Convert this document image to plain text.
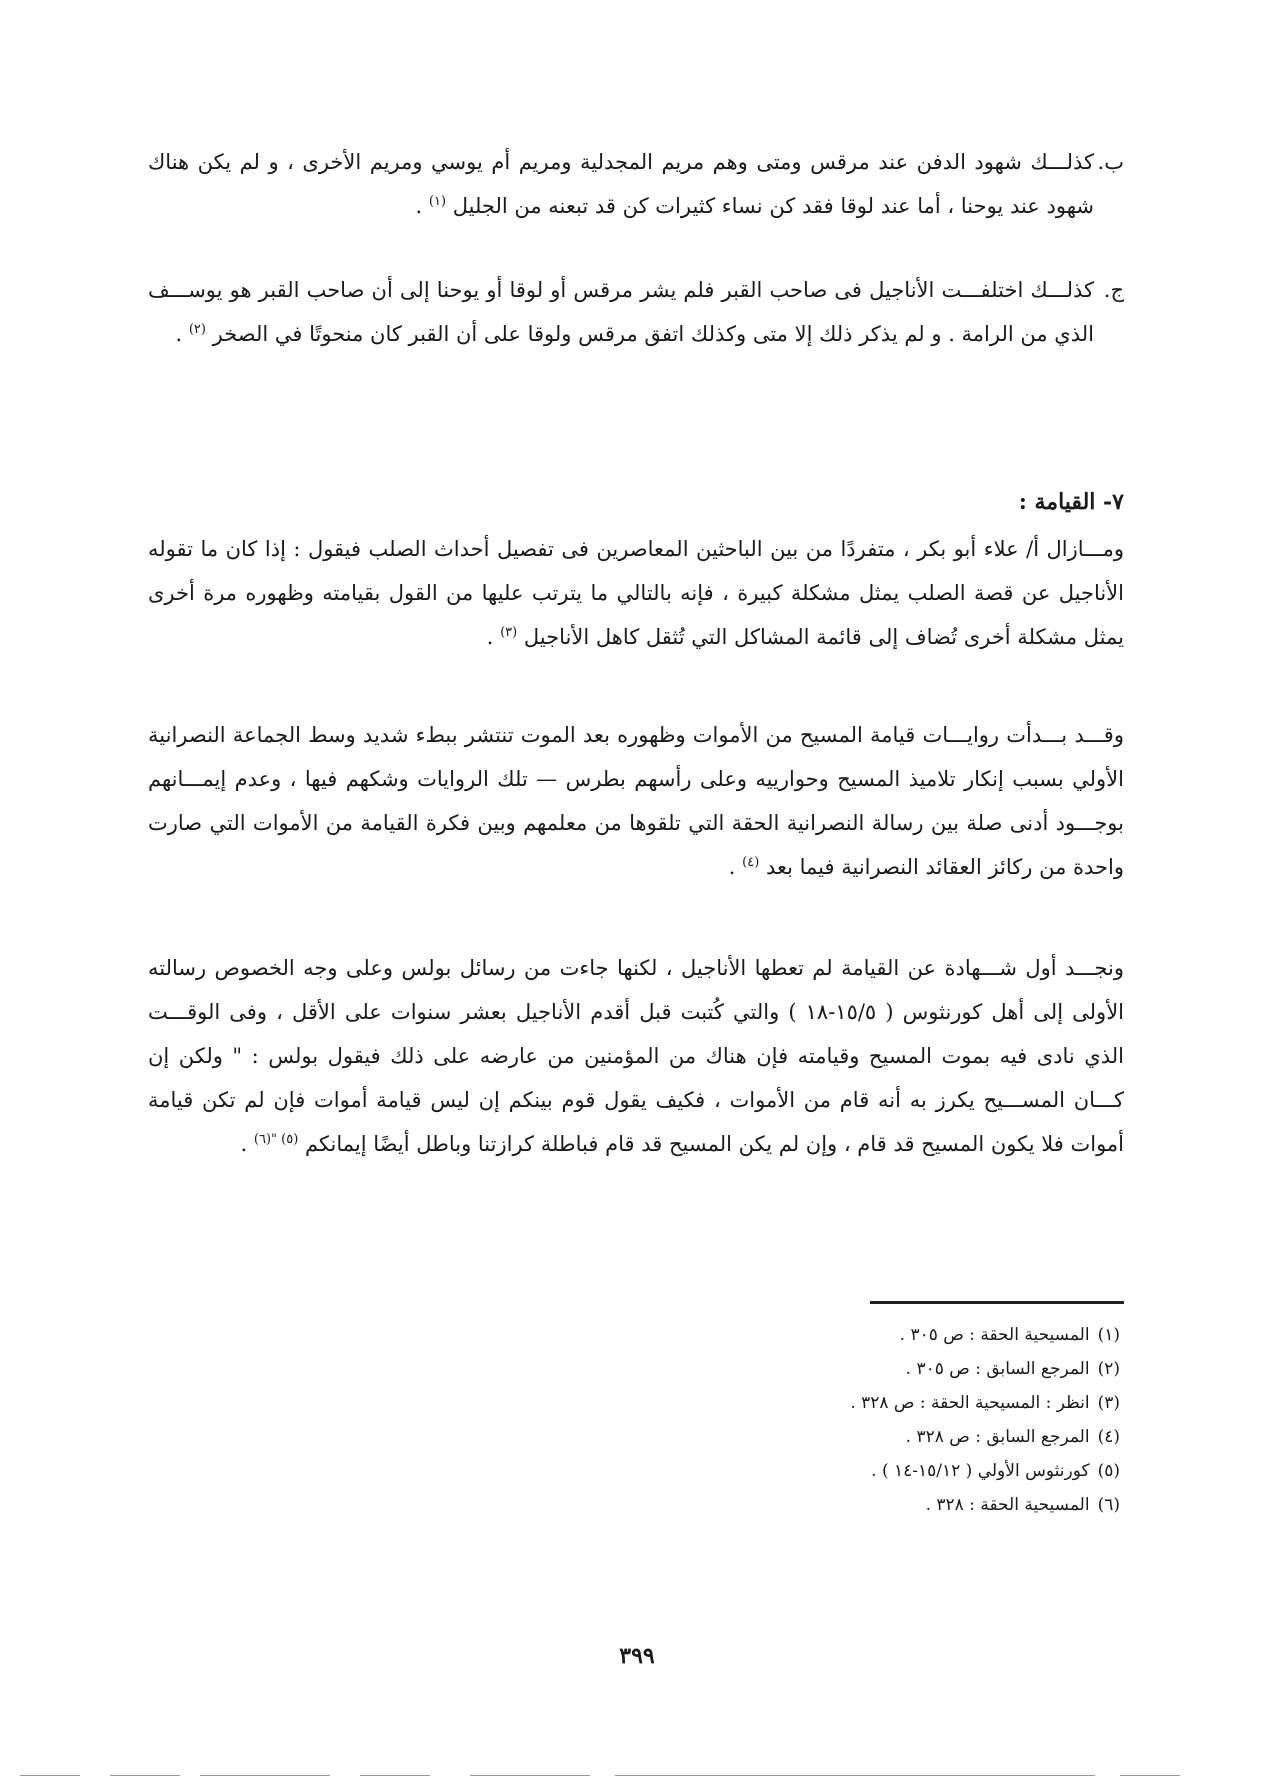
ب.
كذلـــك شهود الدفن عند مرقس ومتى وهم مريم المجدلية ومريم أم يوسي ومريم الأخرى ، و لم يكن هناك شهود عند يوحنا ، أما عند لوقا فقد كن نساء كثيرات كن قد تبعنه من الجليل $^{(١)}$ .
ج.
كذلـــك اختلفـــت الأناجيل فى صاحب القبر فلم يشر مرقس أو لوقا أو يوحنا إلى أن صاحب القبر هو يوســـف الذي من الرامة . و لم يذكر ذلك إلا متى وكذلك اتفق مرقس ولوقا على أن القبر كان منحوتًا في الصخر $^{(٢)}$ .
٧- القيامة :

ومـــازال أ/ علاء أبو بكر ، متفردًا من بين الباحثين المعاصرين فى تفصيل أحداث الصلب فيقول : إذا كان ما تقوله الأناجيل عن قصة الصلب يمثل مشكلة كبيرة ، فإنه بالتالي ما يترتب عليها من القول بقيامته وظهوره مرة أخرى يمثل مشكلة أخرى تُضاف إلى قائمة المشاكل التي تُثقل كاهل الأناجيل $^{(٣)}$ .

وقـــد بـــدأت روايـــات قيامة المسيح من الأموات وظهوره بعد الموت تنتشر ببطء شديد وسط الجماعة النصرانية الأولي بسبب إنكار تلاميذ المسيح وحوارييه وعلى رأسهم بطرس — تلك الروايات وشكهم فيها ، وعدم إيمـــانهم بوجـــود أدنى صلة بين رسالة النصرانية الحقة التي تلقوها من معلمهم وبين فكرة القيامة من الأموات التي صارت واحدة من ركائز العقائد النصرانية فيما بعد $^{(٤)}$ .

ونجـــد أول شـــهادة عن القيامة لم تعطها الأناجيل ، لكنها جاءت من رسائل بولس وعلى وجه الخصوص رسالته الأولى إلى أهل كورنثوس ( ١٥/٥-١٨ ) والتي كُتبت قبل أقدم الأناجيل بعشر سنوات على الأقل ، وفى الوقـــت الذي نادى فيه بموت المسيح وقيامته فإن هناك من المؤمنين من عارضه على ذلك فيقول بولس : " ولكن إن كـــان المســـيح يكرز به أنه قام من الأموات ، فكيف يقول قوم بينكم إن ليس قيامة أموات فإن لم تكن قيامة أموات فلا يكون المسيح قد قام ، وإن لم يكن المسيح قد قام فباطلة كرازتنا وباطل أيضًا إيمانكم $^{(٥) "(٦)}$ .

(١)المسيحية الحقة : ص ٣٠٥ .
(٢)المرجع السابق : ص ٣٠٥ .
(٣)انظر : المسيحية الحقة : ص ٣٢٨ .
(٤)المرجع السابق : ص ٣٢٨ .
(٥)كورنثوس الأولي ( ١٥/١٢-١٤ ) .
(٦)المسيحية الحقة : ٣٢٨ .
٣٩٩
